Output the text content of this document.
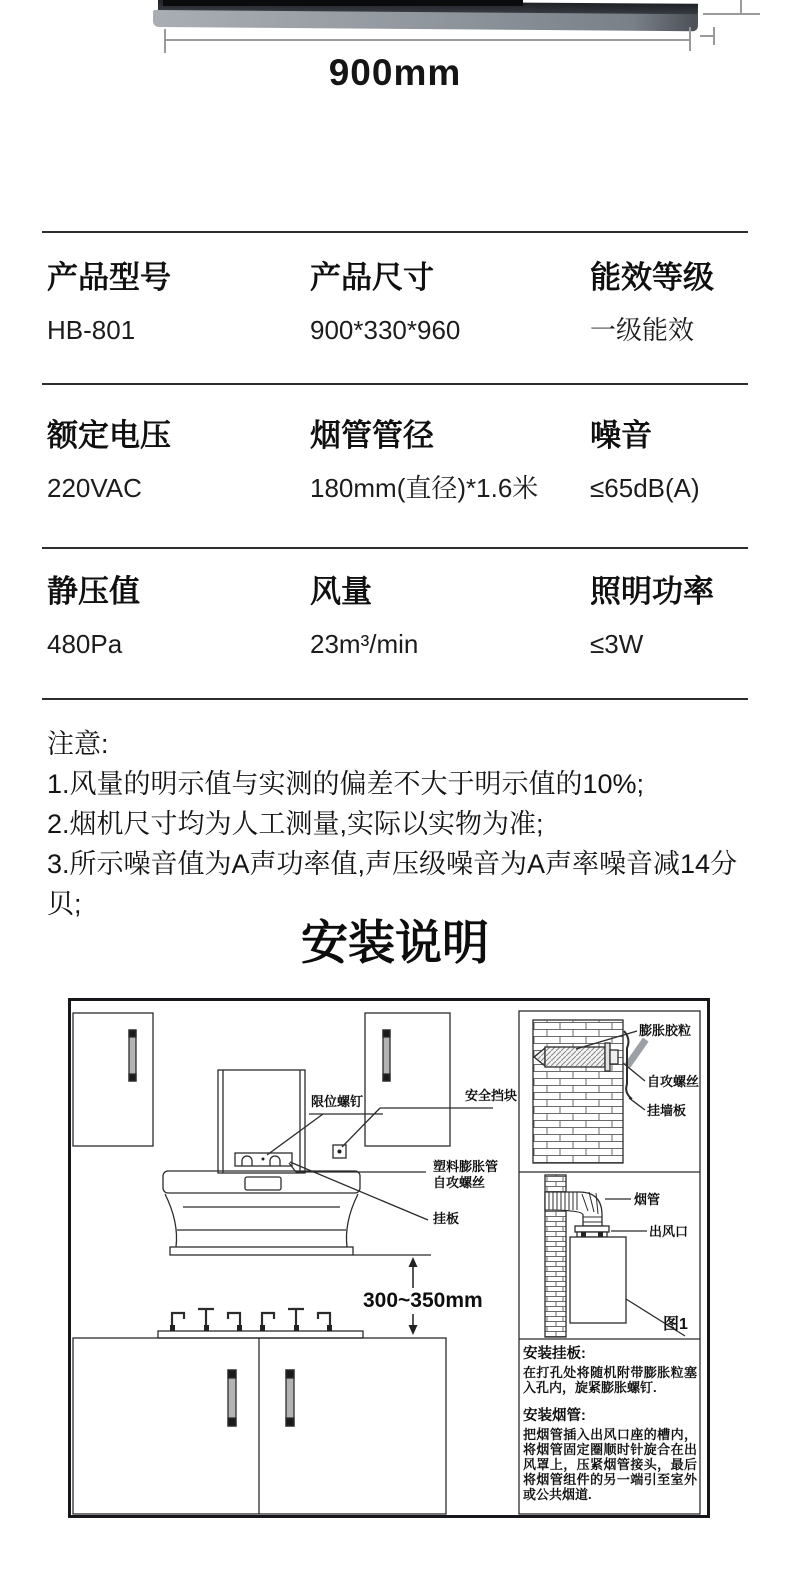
900mm
产品型号
HB-801
产品尺寸
900*330*960
能效等级
一级能效
额定电压
220VAC
烟管管径
180mm(直径)*1.6米
噪音
≤65dB(A)
静压值
480Pa
风量
23m³/min
照明功率
≤3W
注意:
1.风量的明示值与实测的偏差不大于明示值的10%;
2.烟机尺寸均为人工测量,实际以实物为准;
3.所示噪音值为A声功率值,声压级噪音为A声率噪音减14分贝;
安装说明
限位螺钉	安全挡块
塑料膨胀管
自攻螺丝
挂板
300~350mm
膨胀胶粒
自攻螺丝
挂墙板
烟管
出风口
图1
安装挂板:
在打孔处将随机附带膨胀粒塞入孔内，旋紧膨胀螺钉.
安装烟管:
把烟管插入出风口座的槽内，将烟管固定圈顺时针旋合在出风罩上，压紧烟管接头，最后将烟管组件的另一端引至室外或公共烟道.
